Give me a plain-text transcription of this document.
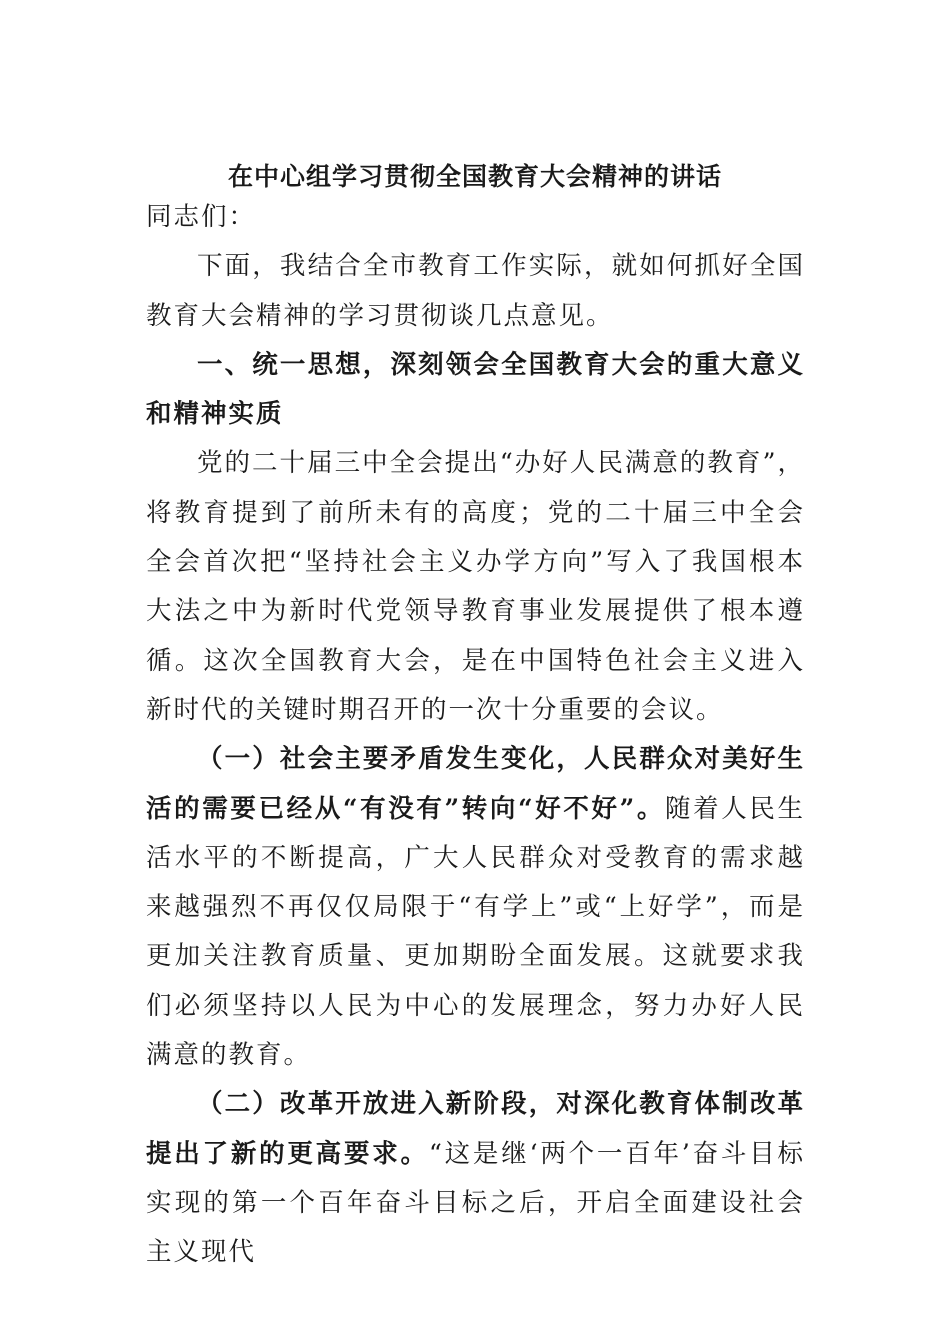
在中心组学习贯彻全国教育大会精神的讲话

同志们：

下面，我结合全市教育工作实际，就如何抓好全国教育大会精神的学习贯彻谈几点意见。

一、统一思想，深刻领会全国教育大会的重大意义和精神实质

党的二十届三中全会提出“办好人民满意的教育”，将教育提到了前所未有的高度；党的二十届三中全会全会首次把“坚持社会主义办学方向”写入了我国根本大法之中为新时代党领导教育事业发展提供了根本遵循。这次全国教育大会，是在中国特色社会主义进入新时代的关键时期召开的一次十分重要的会议。

（一）社会主要矛盾发生变化，人民群众对美好生活的需要已经从“有没有”转向“好不好”。随着人民生活水平的不断提高，广大人民群众对受教育的需求越来越强烈不再仅仅局限于“有学上”或“上好学”，而是更加关注教育质量、更加期盼全面发展。这就要求我们必须坚持以人民为中心的发展理念，努力办好人民满意的教育。

（二）改革开放进入新阶段，对深化教育体制改革提出了新的更高要求。“这是继‘两个一百年’奋斗目标实现的第一个百年奋斗目标之后，开启全面建设社会主义现代
